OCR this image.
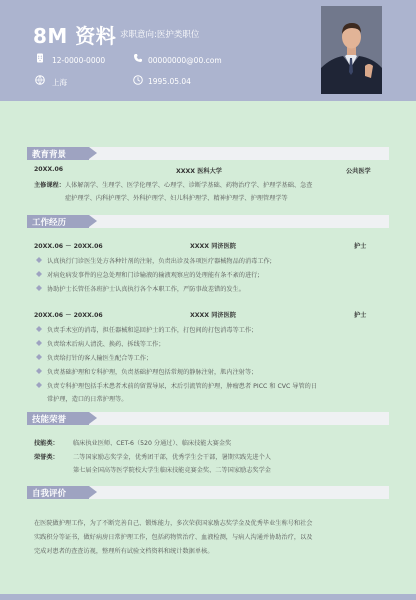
8M 资料 求职意向:医护类职位
12-0000-0000	00000000@00.com
上海	1995.05.04
教育背景
20XX.06	XXXX 医科大学	公共医学
主修课程： 人体解剖学、生理学、医学伦理学、心理学、诊断学基础、药物治疗学、护理学基础、急查
症护理学、内科护理学、外科护理学、妇儿科护理学、精神护理学、护理管理学等
工作经历
20XX.06 － 20XX.06	XXXX 同济医院	护士
认真执行门诊医生处方各种针剂的注射，负责出诊及各项医疗器械物品的消毒工作;
对病危病发事件的应急处理和门诊输液的输液观察应的处理能有条不紊的进行;
协助护士长管任各班护士认真执行各个本职工作，严防事故差错的发生。
20XX.06 － 20XX.06	XXXX 同济医院	护士
负责手术室的消毒，担任器械和巡回护士的工作，打包间的打包消毒等工作；
负责给术后病人清洗、换药、拆线等工作；
负责给打针的客人输医生配合等工作；
负责基础护理和专科护理，负责基础护理包括常规的静脉注射，肌内注射等；
负责专科护理包括手术患者术前的留置导尿，术后引流管的护理，肿瘤患者 PICC 和 CVC 导管的日
常护理，造口的日常护理等。
技能荣誉
技能类： 临床执业医师、CET-6（520 分通过）、临床技能大赛金奖
荣誉类： 二等国家励志奖学金，优秀团干部，优秀学生会干部，暑期实践先进个人
第七届全国高等医学院校大学生临床技能竞赛金奖、二等国家励志奖学金
自我评价
在医院做护理工作，为了不断完善自己、锻炼能力，多次荣获国家励志奖学金及优秀毕业生称号和社会
实践积分等证书，做好病房日常护理工作，包括药物管治疗、血液检测，与病人沟通并协助治疗，以及
完成对患者的查查访视，整理所有试验文档资料和统计数据单核。
